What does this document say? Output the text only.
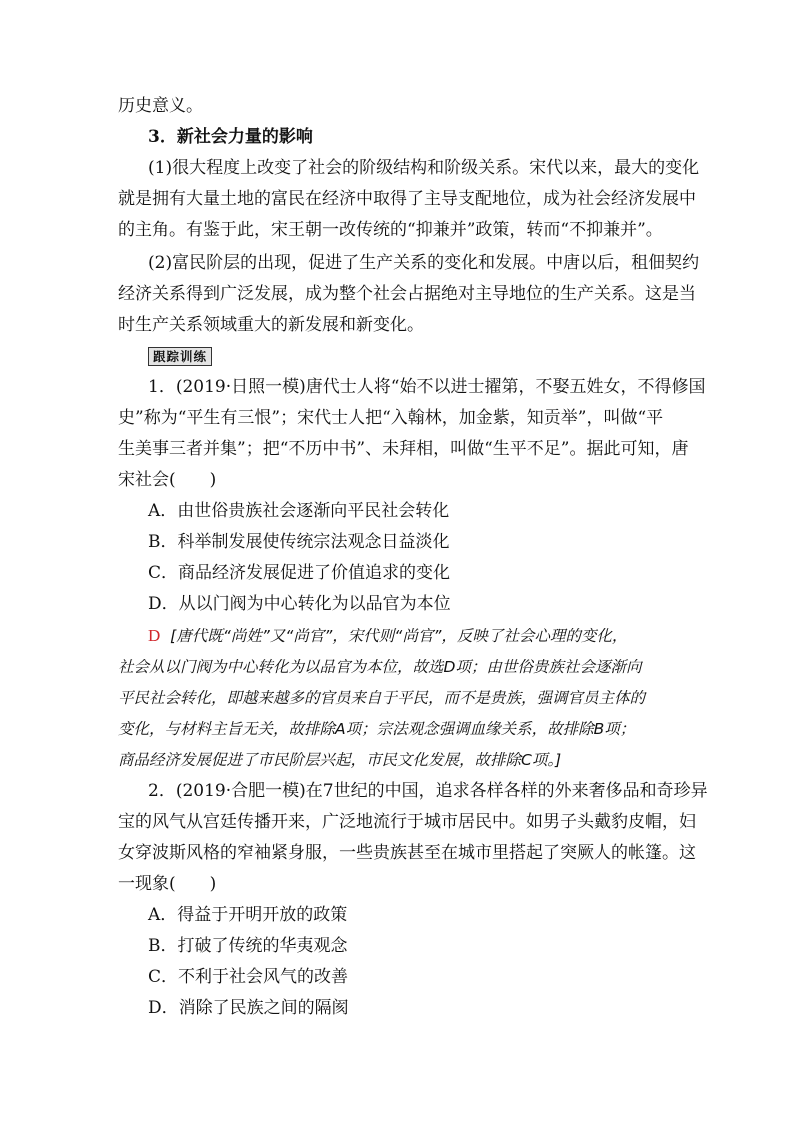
历史意义。
3．新社会力量的影响
(1)很大程度上改变了社会的阶级结构和阶级关系。宋代以来，最大的变化
就是拥有大量土地的富民在经济中取得了主导支配地位，成为社会经济发展中
的主角。有鉴于此，宋王朝一改传统的“抑兼并”政策，转而“不抑兼并”。
(2)富民阶层的出现，促进了生产关系的变化和发展。中唐以后，租佃契约
经济关系得到广泛发展，成为整个社会占据绝对主导地位的生产关系。这是当
时生产关系领域重大的新发展和新变化。
跟踪训练
1．(2019·日照一模)唐代士人将“始不以进士擢第，不娶五姓女，不得修国
史”称为“平生有三恨”；宋代士人把“入翰林，加金紫，知贡举”，叫做“平
生美事三者并集”；把“不历中书”、未拜相，叫做“生平不足”。据此可知，唐
宋社会(　　)
A．由世俗贵族社会逐渐向平民社会转化
B．科举制发展使传统宗法观念日益淡化
C．商品经济发展促进了价值追求的变化
D．从以门阀为中心转化为以品官为本位
D [唐代既“尚姓”又“尚官”，宋代则“尚官”，反映了社会心理的变化，
社会从以门阀为中心转化为以品官为本位，故选D项；由世俗贵族社会逐渐向
平民社会转化，即越来越多的官员来自于平民，而不是贵族，强调官员主体的
变化，与材料主旨无关，故排除A项；宗法观念强调血缘关系，故排除B项；
商品经济发展促进了市民阶层兴起，市民文化发展，故排除C项。]
2．(2019·合肥一模)在7世纪的中国，追求各样各样的外来奢侈品和奇珍异
宝的风气从宫廷传播开来，广泛地流行于城市居民中。如男子头戴豹皮帽，妇
女穿波斯风格的窄袖紧身服，一些贵族甚至在城市里搭起了突厥人的帐篷。这
一现象(　　)
A．得益于开明开放的政策
B．打破了传统的华夷观念
C．不利于社会风气的改善
D．消除了民族之间的隔阂
